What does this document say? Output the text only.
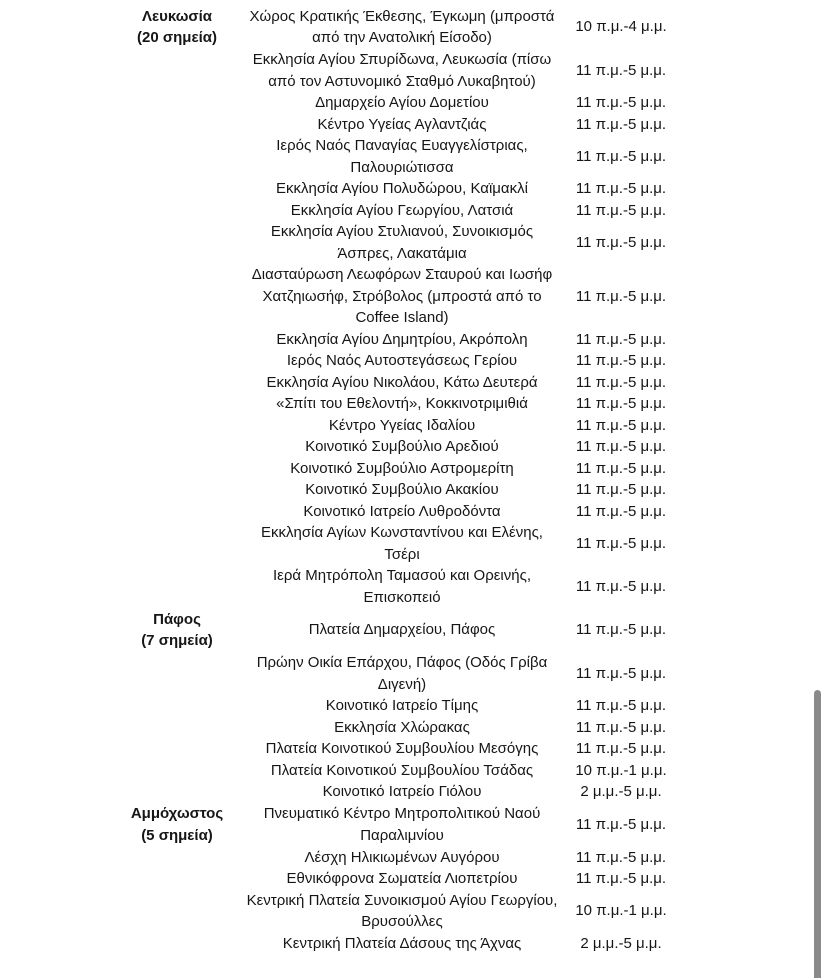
Λευκωσία
(20 σημεία)
Χώρος Κρατικής Έκθεσης, Έγκωμη (μπροστά από την Ανατολική Είσοδο)
10 π.μ.-4 μ.μ.
Εκκλησία Αγίου Σπυρίδωνα, Λευκωσία (πίσω από τον Αστυνομικό Σταθμό Λυκαβητού)
11 π.μ.-5 μ.μ.
Δημαρχείο Αγίου Δομετίου	11 π.μ.-5 μ.μ.
Κέντρο Υγείας Αγλαντζιάς	11 π.μ.-5 μ.μ.
Ιερός Ναός Παναγίας Ευαγγελίστριας, Παλουριώτισσα
11 π.μ.-5 μ.μ.
Εκκλησία Αγίου Πολυδώρου, Καϊμακλί	11 π.μ.-5 μ.μ.
Εκκλησία Αγίου Γεωργίου, Λατσιά	11 π.μ.-5 μ.μ.
Εκκλησία Αγίου Στυλιανού, Συνοικισμός Άσπρες, Λακατάμια
11 π.μ.-5 μ.μ.
Διασταύρωση Λεωφόρων Σταυρού και Ιωσήφ Χατζηιωσήφ, Στρόβολος (μπροστά από το Coffee Island)
11 π.μ.-5 μ.μ.
Εκκλησία Αγίου Δημητρίου, Ακρόπολη	11 π.μ.-5 μ.μ.
Ιερός Ναός Αυτοστεγάσεως Γερίου	11 π.μ.-5 μ.μ.
Εκκλησία Αγίου Νικολάου, Κάτω Δευτερά	11 π.μ.-5 μ.μ.
«Σπίτι του Εθελοντή», Κοκκινοτριμιθιά	11 π.μ.-5 μ.μ.
Κέντρο Υγείας Ιδαλίου	11 π.μ.-5 μ.μ.
Κοινοτικό Συμβούλιο Αρεδιού	11 π.μ.-5 μ.μ.
Κοινοτικό Συμβούλιο Αστρομερίτη	11 π.μ.-5 μ.μ.
Κοινοτικό Συμβούλιο Ακακίου	11 π.μ.-5 μ.μ.
Κοινοτικό Ιατρείο Λυθροδόντα	11 π.μ.-5 μ.μ.
Εκκλησία Αγίων Κωνσταντίνου και Ελένης, Τσέρι
11 π.μ.-5 μ.μ.
Ιερά Μητρόπολη Ταμασού και Ορεινής, Επισκοπειό
11 π.μ.-5 μ.μ.
Πάφος
(7 σημεία)
Πλατεία Δημαρχείου, Πάφος	11 π.μ.-5 μ.μ.
Πρώην Οικία Επάρχου, Πάφος (Οδός Γρίβα Διγενή)
11 π.μ.-5 μ.μ.
Κοινοτικό Ιατρείο Τίμης	11 π.μ.-5 μ.μ.
Εκκλησία Χλώρακας	11 π.μ.-5 μ.μ.
Πλατεία Κοινοτικού Συμβουλίου Μεσόγης	11 π.μ.-5 μ.μ.
Πλατεία Κοινοτικού Συμβουλίου Τσάδας	10 π.μ.-1 μ.μ.
Κοινοτικό Ιατρείο Γιόλου	2 μ.μ.-5 μ.μ.
Αμμόχωστος
(5 σημεία)
Πνευματικό Κέντρο Μητροπολιτικού Ναού Παραλιμνίου
11 π.μ.-5 μ.μ.
Λέσχη Ηλικιωμένων Αυγόρου	11 π.μ.-5 μ.μ.
Εθνικόφρονα Σωματεία Λιοπετρίου	11 π.μ.-5 μ.μ.
Κεντρική Πλατεία Συνοικισμού Αγίου Γεωργίου, Βρυσούλλες
10 π.μ.-1 μ.μ.
Κεντρική Πλατεία Δάσους της Άχνας	2 μ.μ.-5 μ.μ.
